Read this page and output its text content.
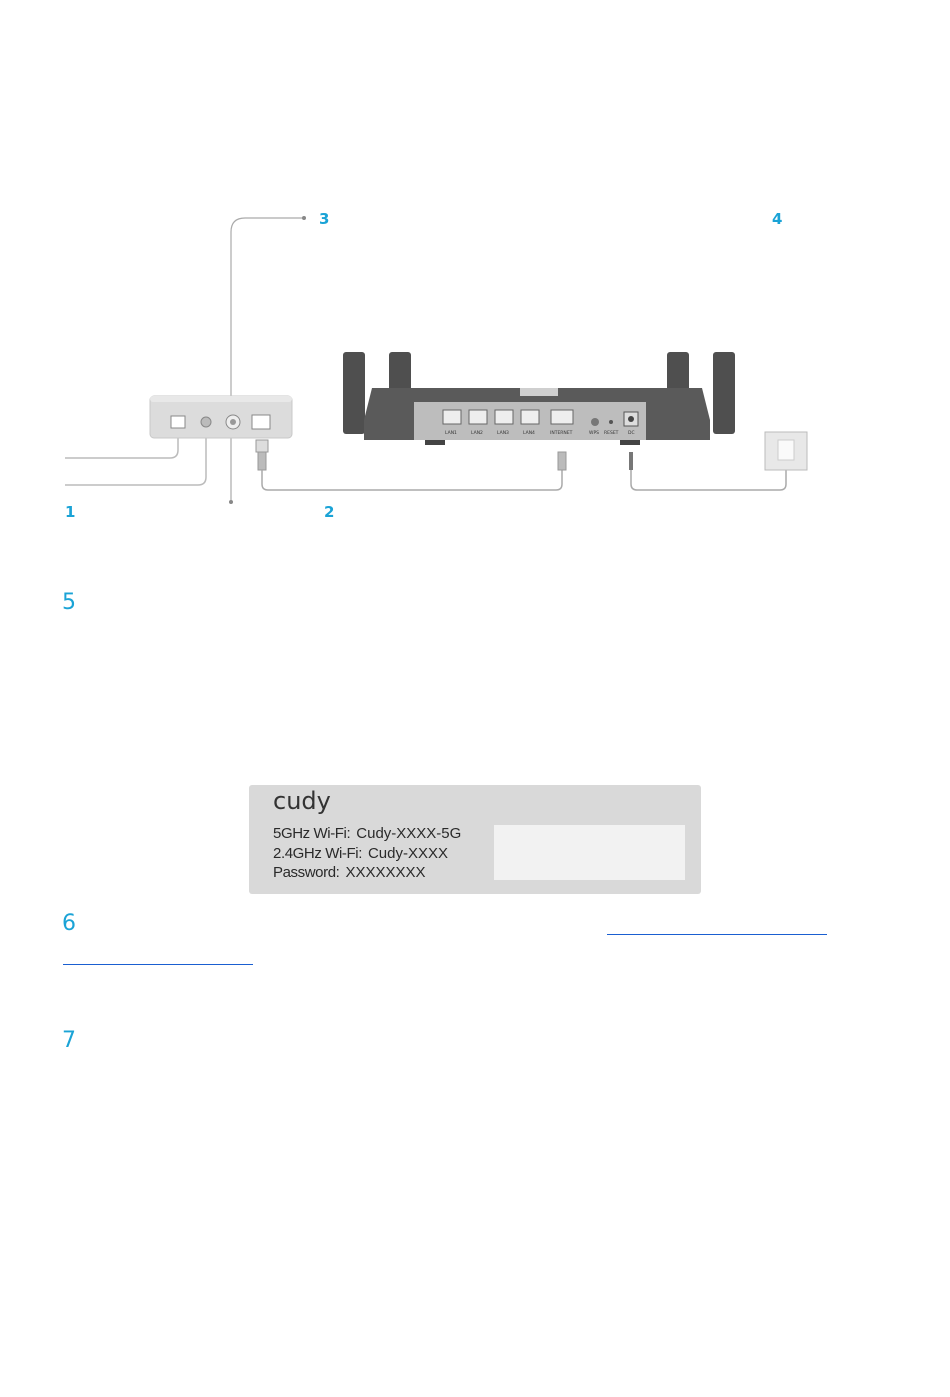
LAN1	LAN2	LAN3	LAN4	INTERNET	WPS RESET DC
1	2
3	4
5
6
7
cudy
5GHz Wi-Fi: Cudy-XXXX-5G
2.4GHz Wi-Fi: Cudy-XXXX
Password: XXXXXXXX
